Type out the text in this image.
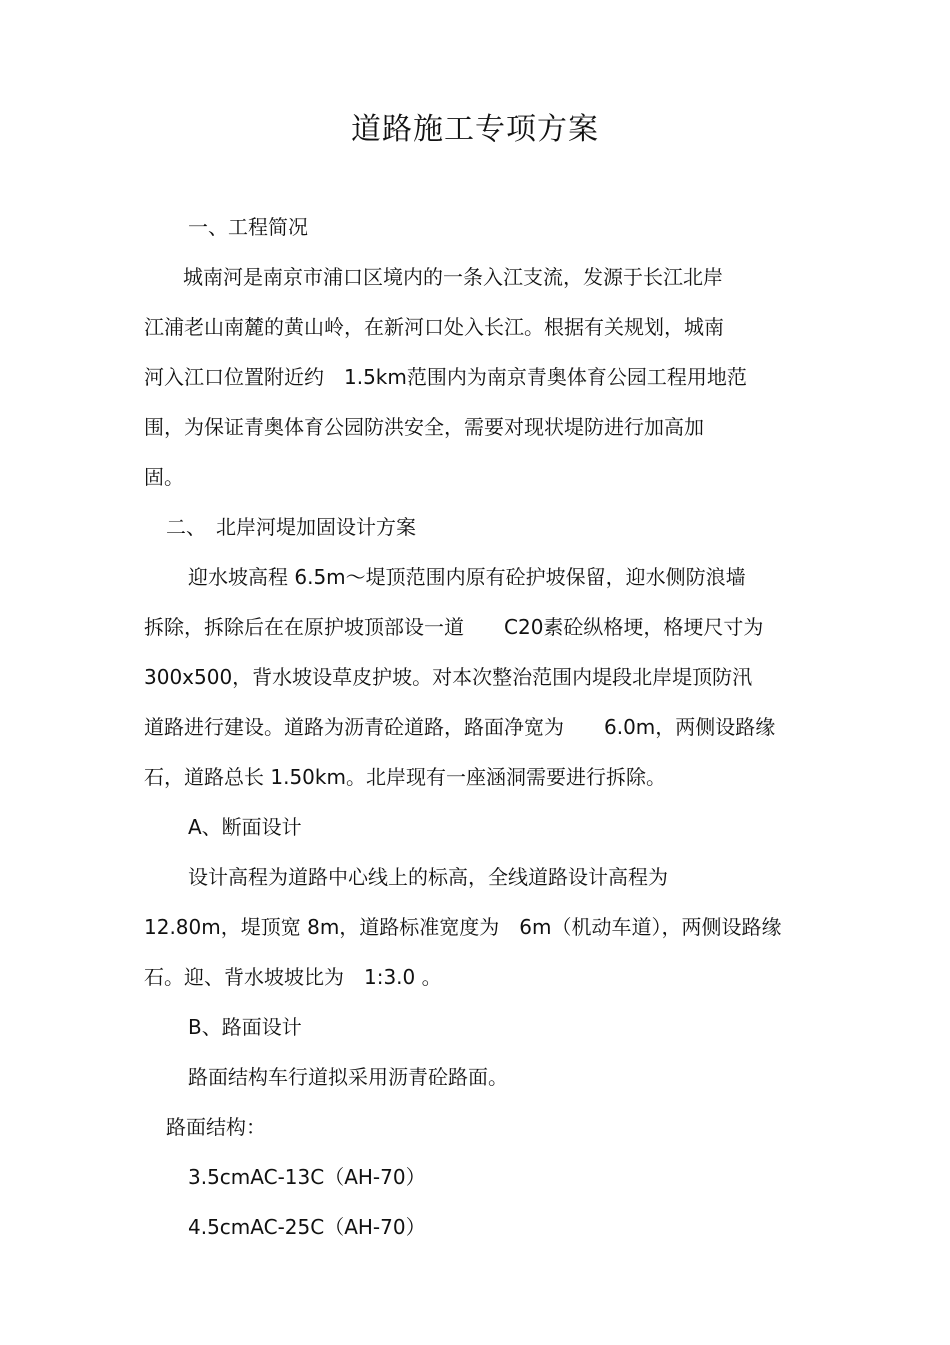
道路施工专项方案
一、工程简况
城南河是南京市浦口区境内的一条入江支流，发源于长江北岸
江浦老山南麓的黄山岭，在新河口处入长江。根据有关规划，城南
河入江口位置附近约　1.5km范围内为南京青奥体育公园工程用地范
围，为保证青奥体育公园防洪安全，需要对现状堤防进行加高加
固。
二、　北岸河堤加固设计方案
迎水坡高程 6.5m～堤顶范围内原有砼护坡保留，迎水侧防浪墙
拆除，拆除后在在原护坡顶部设一道　　C20素砼纵格埂，格埂尺寸为
300x500，背水坡设草皮护坡。对本次整治范围内堤段北岸堤顶防汛
道路进行建设。道路为沥青砼道路，路面净宽为　　6.0m，两侧设路缘
石，道路总长 1.50km。北岸现有一座涵洞需要进行拆除。
A、断面设计
设计高程为道路中心线上的标高，全线道路设计高程为
12.80m，堤顶宽 8m，道路标准宽度为　6m（机动车道），两侧设路缘
石。迎、背水坡坡比为　1:3.0 。
B、路面设计
路面结构车行道拟采用沥青砼路面。
路面结构：
3.5cmAC-13C（AH-70）
4.5cmAC-25C（AH-70）
